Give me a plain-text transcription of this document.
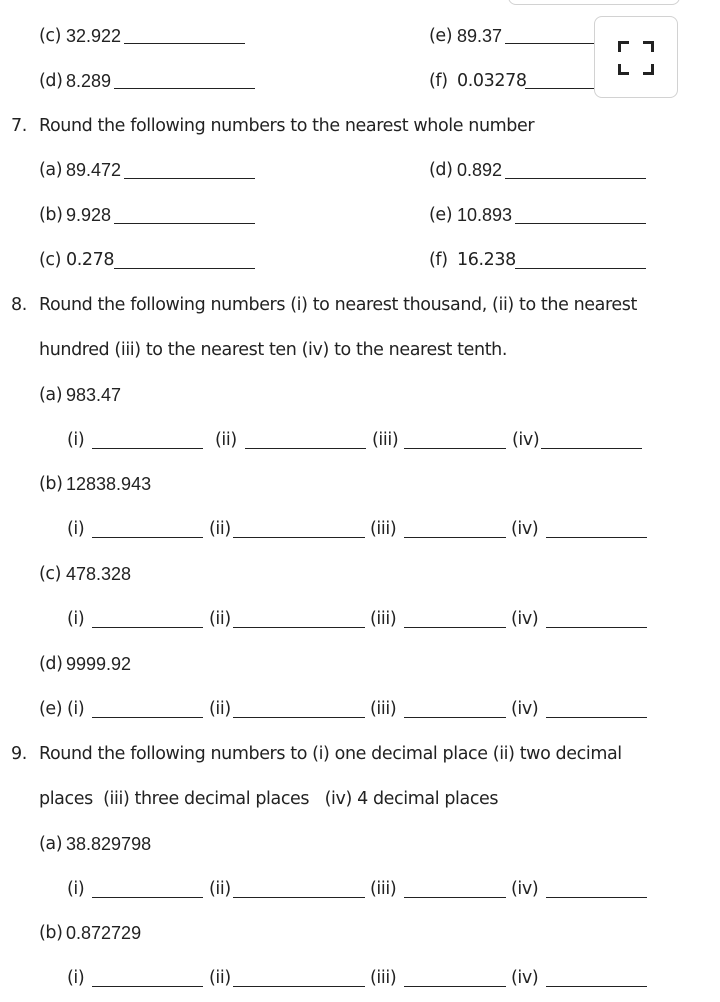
(c) 32.922	(e) 89.37
(d) 8.289	(f) 0.03278
7. Round the following numbers to the nearest whole number
(a) 89.472	(d) 0.892
(b) 9.928	(e) 10.893
(c) 0.278	(f) 16.238
8. Round the following numbers (i) to nearest thousand, (ii) to the nearest
hundred (iii) to the nearest ten (iv) to the nearest tenth.
(a) 983.47
(i)	(ii)	(iii)	(iv)
(b) 12838.943
(i)	(ii)	(iii)	(iv)
(c) 478.328
(i)	(ii)	(iii)	(iv)
(d) 9999.92
(e) (i)	(ii)	(iii)	(iv)
9. Round the following numbers to (i) one decimal place (ii) two decimal
places  (iii) three decimal places   (iv) 4 decimal places
(a) 38.829798
(i)	(ii)	(iii)	(iv)
(b) 0.872729
(i)	(ii)	(iii)	(iv)
